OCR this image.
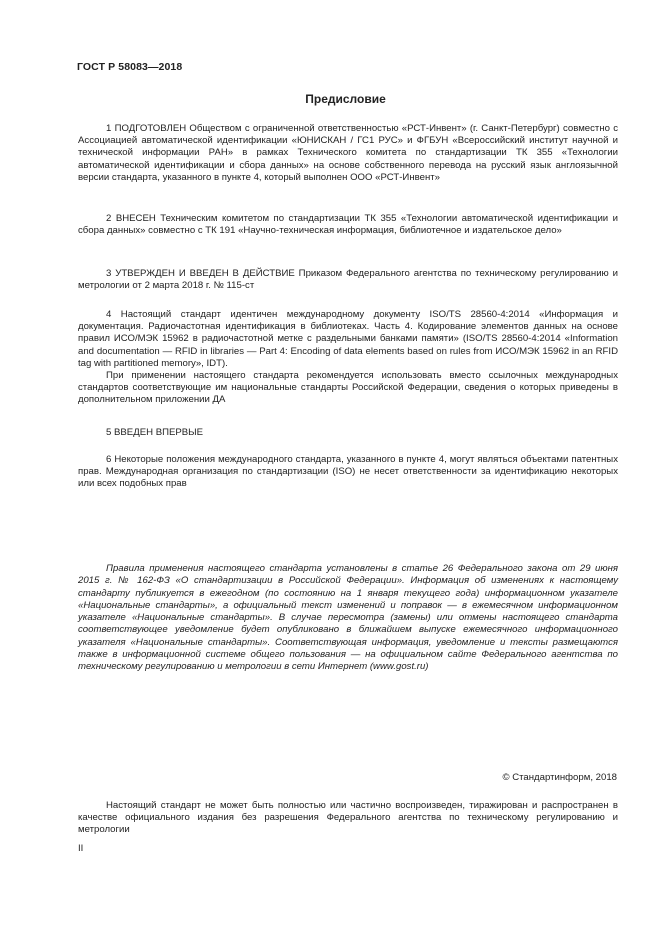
ГОСТ Р 58083—2018
Предисловие

1 ПОДГОТОВЛЕН Обществом с ограниченной ответственностью «РСТ-Инвент» (г. Санкт-Петербург) совместно с Ассоциацией автоматической идентификации «ЮНИСКАН / ГС1 РУС» и ФГБУН «Всероссийский институт научной и технической информации РАН» в рамках Технического комитета по стандартизации ТК 355 «Технологии автоматической идентификации и сбора данных» на основе собственного перевода на русский язык англоязычной версии стандарта, указанного в пункте 4, который выполнен ООО «РСТ-Инвент»

2 ВНЕСЕН Техническим комитетом по стандартизации ТК 355 «Технологии автоматической идентификации и сбора данных» совместно с ТК 191 «Научно-техническая информация, библиотечное и издательское дело»

3 УТВЕРЖДЕН И ВВЕДЕН В ДЕЙСТВИЕ Приказом Федерального агентства по техническому регулированию и метрологии от 2 марта 2018 г. № 115-ст

4 Настоящий стандарт идентичен международному документу ISO/TS 28560-4:2014 «Информация и документация. Радиочастотная идентификация в библиотеках. Часть 4. Кодирование элементов данных на основе правил ИСО/МЭК 15962 в радиочастотной метке с раздельными банками памяти» (ISO/TS 28560-4:2014 «Information and documentation — RFID in libraries — Part 4: Encoding of data elements based on rules from ИСО/МЭК 15962 in an RFID tag with partitioned memory», IDT).

При применении настоящего стандарта рекомендуется использовать вместо ссылочных международных стандартов соответствующие им национальные стандарты Российской Федерации, сведения о которых приведены в дополнительном приложении ДА

5 ВВЕДЕН ВПЕРВЫЕ

6 Некоторые положения международного стандарта, указанного в пункте 4, могут являться объектами патентных прав. Международная организация по стандартизации (ISO) не несет ответственности за идентификацию некоторых или всех подобных прав

Правила применения настоящего стандарта установлены в статье 26 Федерального закона от 29 июня 2015 г. № 162-ФЗ «О стандартизации в Российской Федерации». Информация об изменениях к настоящему стандарту публикуется в ежегодном (по состоянию на 1 января текущего года) информационном указателе «Национальные стандарты», а официальный текст изменений и поправок — в ежемесячном информационном указателе «Национальные стандарты». В случае пересмотра (замены) или отмены настоящего стандарта соответствующее уведомление будет опубликовано в ближайшем выпуске ежемесячного информационного указателя «Национальные стандарты». Соответствующая информация, уведомление и тексты размещаются также в информационной системе общего пользования — на официальном сайте Федерального агентства по техническому регулированию и метрологии в сети Интернет (www.gost.ru)

© Стандартинформ, 2018

Настоящий стандарт не может быть полностью или частично воспроизведен, тиражирован и распространен в качестве официального издания без разрешения Федерального агентства по техническому регулированию и метрологии

II
